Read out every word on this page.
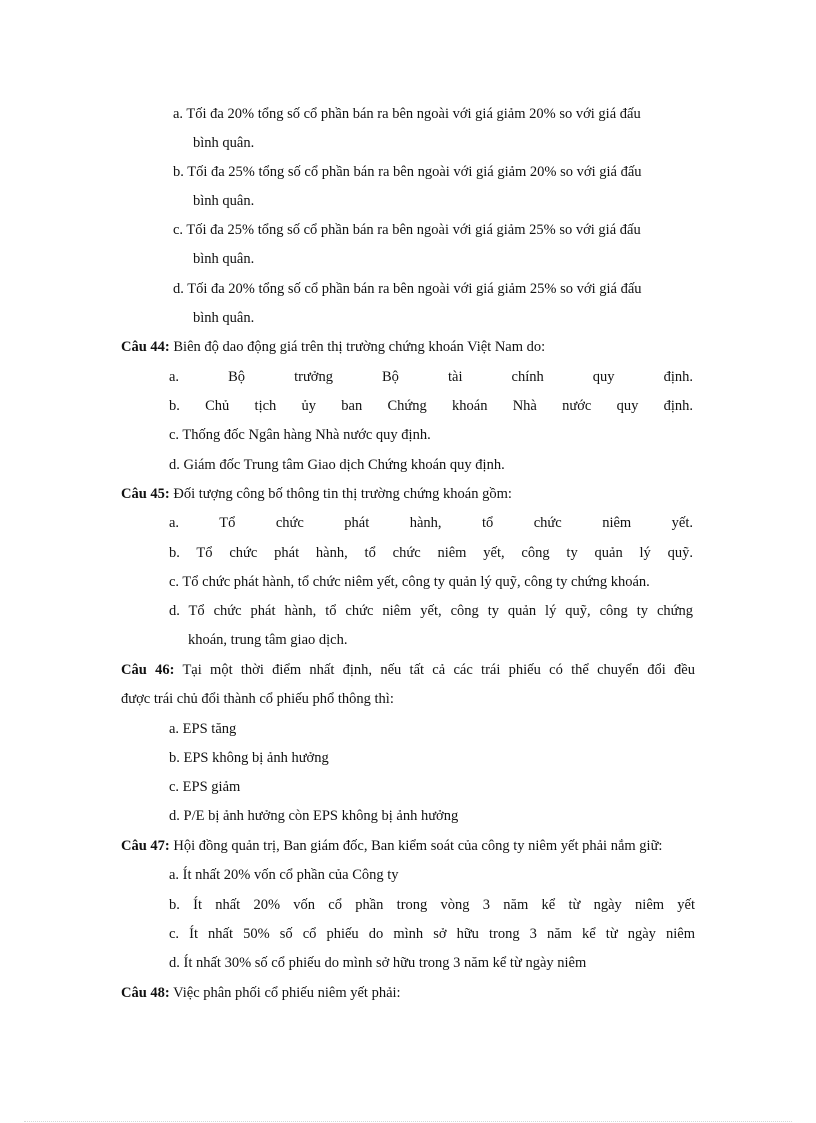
a. Tối đa 20% tổng số cổ phần bán ra bên ngoài với giá giảm 20% so với giá đấu
bình quân.
b. Tối đa 25% tổng số cổ phần bán ra bên ngoài với giá giảm 20% so với giá đấu
bình quân.
c. Tối đa 25% tổng số cổ phần bán ra bên ngoài với giá giảm 25% so với giá đấu
bình quân.
d. Tối đa 20% tổng số cổ phần bán ra bên ngoài với giá giảm 25% so với giá đấu
bình quân.
Câu 44: Biên độ dao động giá trên thị trường chứng khoán Việt Nam do:
a. Bộ trưởng Bộ tài chính quy định.
b. Chủ tịch ủy ban Chứng khoán Nhà nước quy định.
c. Thống đốc Ngân hàng Nhà nước quy định.
d. Giám đốc Trung tâm Giao dịch Chứng khoán quy định.
Câu 45: Đối tượng công bố thông tin thị trường chứng khoán gồm:
a. Tổ chức phát hành, tổ chức niêm yết.
b. Tổ chức phát hành, tổ chức niêm yết, công ty quản lý quỹ.
c. Tổ chức phát hành, tổ chức niêm yết, công ty quản lý quỹ, công ty chứng khoán.
d. Tổ chức phát hành, tổ chức niêm yết, công ty quản lý quỹ, công ty chứng
khoán, trung tâm giao dịch.
Câu 46: Tại một thời điểm nhất định, nếu tất cả các trái phiếu có thể chuyển đổi đều
được trái chủ đổi thành cổ phiếu phổ thông thì:
a. EPS tăng
b. EPS không bị ảnh hưởng
c. EPS giảm
d. P/E bị ảnh hưởng còn EPS không bị ảnh hưởng
Câu 47: Hội đồng quản trị, Ban giám đốc, Ban kiểm soát của công ty niêm yết phải nắm giữ:
a. Ít nhất 20% vốn cổ phần của Công ty
b. Ít nhất 20% vốn cổ phần trong vòng 3 năm kể từ ngày niêm yết
c. Ít nhất 50% số cổ phiếu do mình sở hữu trong 3 năm kể từ ngày niêm
d. Ít nhất 30% số cổ phiếu do mình sở hữu trong 3 năm kể từ ngày niêm
Câu 48: Việc phân phối cổ phiếu niêm yết phải:
